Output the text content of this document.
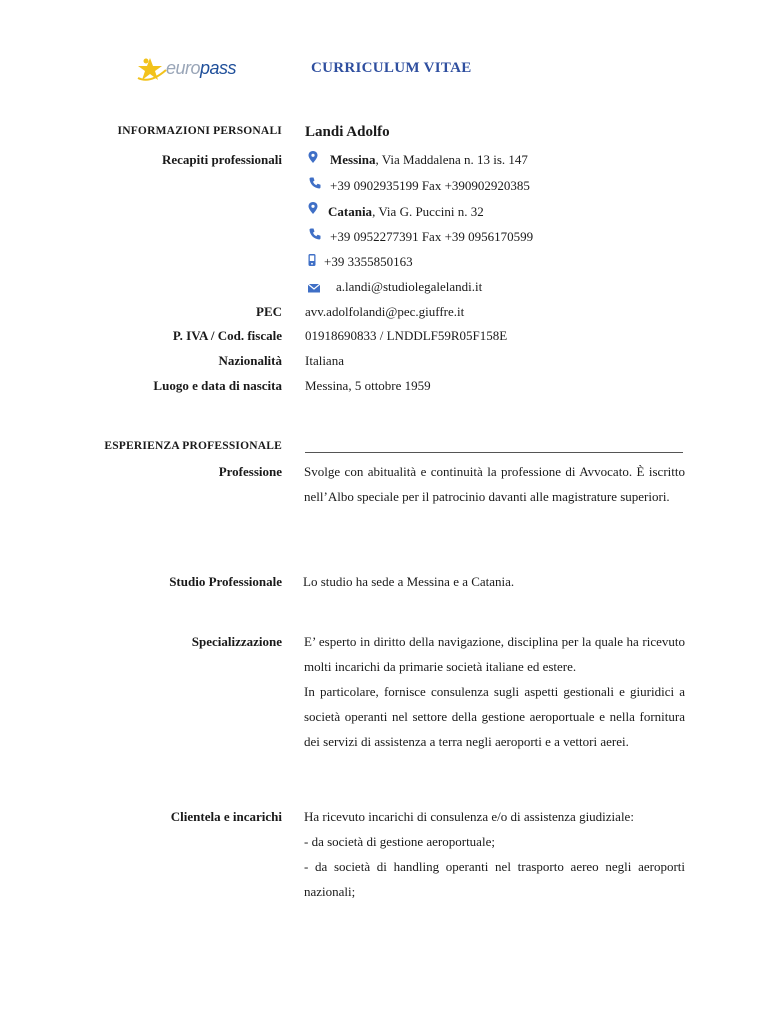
europass	CURRICULUM VITAE
INFORMAZIONI PERSONALI Landi Adolfo
Recapiti professionali	Messina, Via Maddalena n. 13 is. 147
+39 0902935199 Fax +390902920385
Catania, Via G. Puccini n. 32
+39 0952277391 Fax +39 0956170599
+39 3355850163
a.landi@studiolegalelandi.it
PEC avv.adolfolandi@pec.giuffre.it
P. IVA / Cod. fiscale 01918690833 / LNDDLF59R05F158E
Nazionalità Italiana
Luogo e data di nascita Messina, 5 ottobre 1959
ESPERIENZA PROFESSIONALE
Professione Svolge con abitualità e continuità la professione di Avvocato. È iscritto nell’Albo speciale per il patrocinio davanti alle magistrature superiori.

Studio Professionale Lo studio ha sede a Messina e a Catania.
Specializzazione E’ esperto in diritto della navigazione, disciplina per la quale ha ricevuto molti incarichi da primarie società italiane ed estere.

In particolare, fornisce consulenza sugli aspetti gestionali e giuridici a società operanti nel settore della gestione aeroportuale e nella fornitura dei servizi di assistenza a terra negli aeroporti e a vettori aerei.

Clientela e incarichi Ha ricevuto incarichi di consulenza e/o di assistenza giudiziale:

- da società di gestione aeroportuale;

- da società di handling operanti nel trasporto aereo negli aeroporti nazionali;
